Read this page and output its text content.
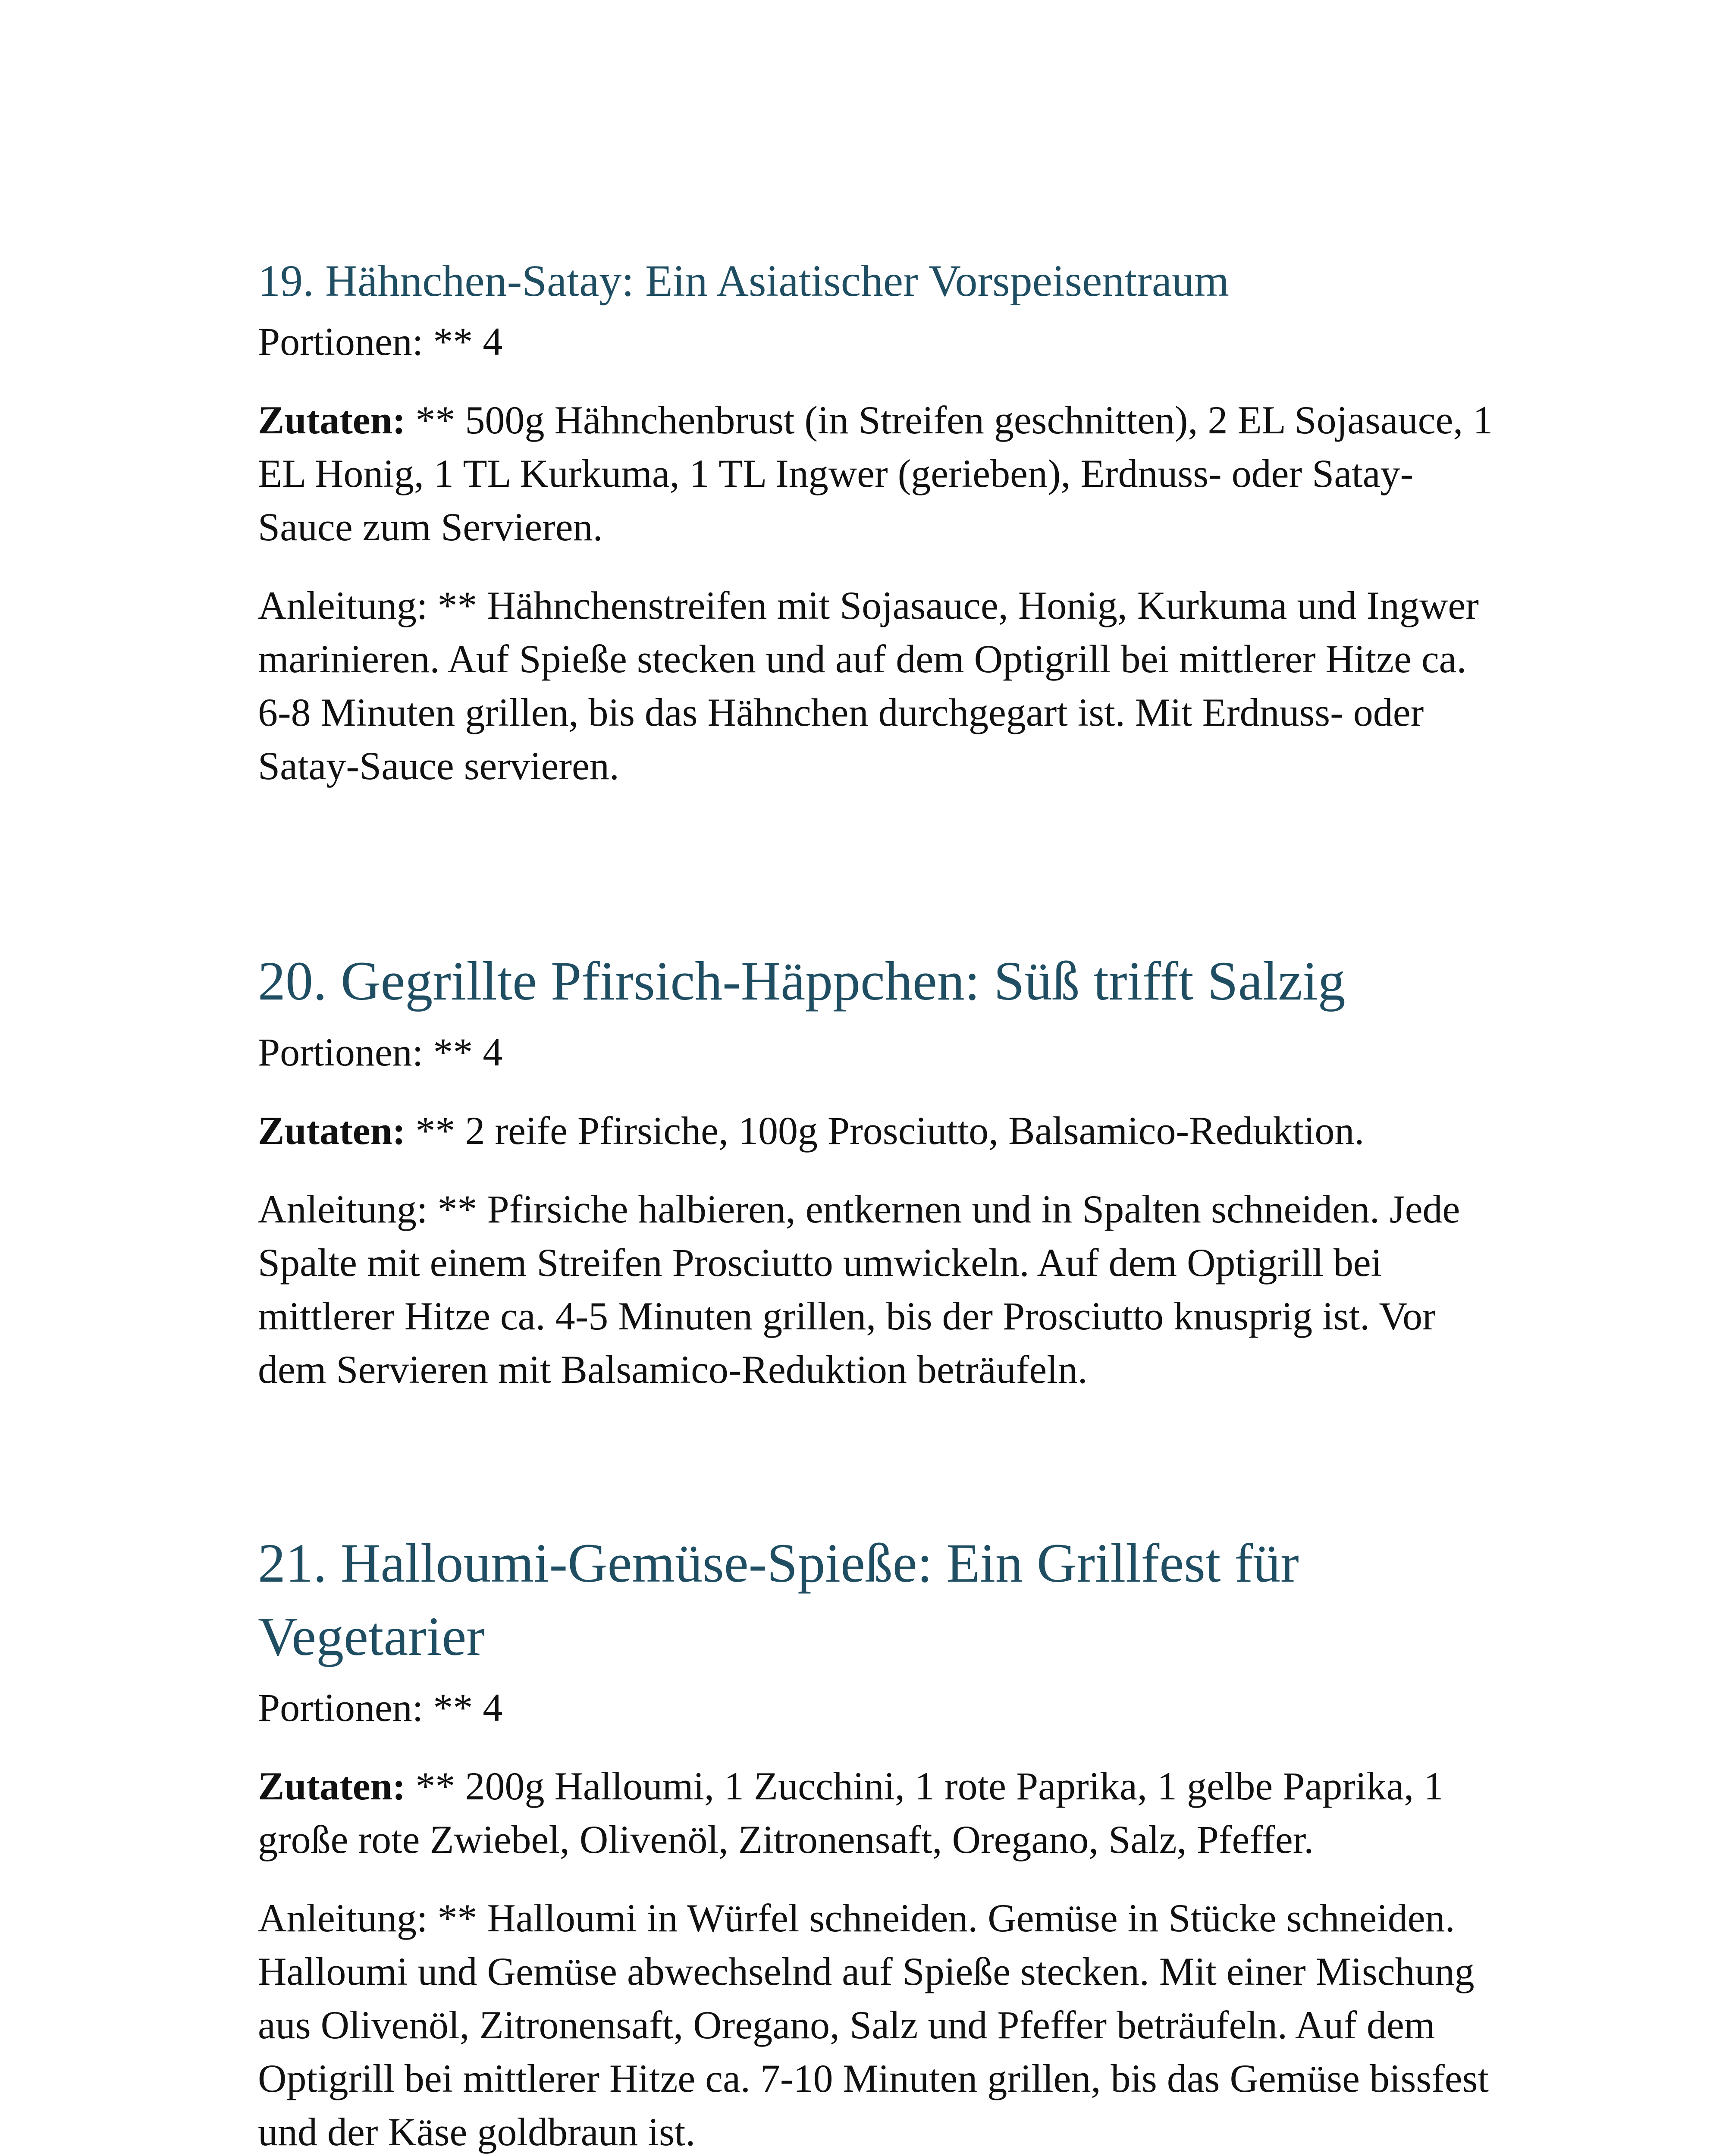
19. Hähnchen-Satay: Ein Asiatischer Vorspeisentraum

Portionen: ** 4

Zutaten: ** 500g Hähnchenbrust (in Streifen geschnitten), 2 EL Sojasauce, 1 EL Honig, 1 TL Kurkuma, 1 TL Ingwer (gerieben), Erdnuss- oder Satay-Sauce zum Servieren.

Anleitung: ** Hähnchenstreifen mit Sojasauce, Honig, Kurkuma und Ingwer marinieren. Auf Spieße stecken und auf dem Optigrill bei mittlerer Hitze ca. 6-8 Minuten grillen, bis das Hähnchen durchgegart ist. Mit Erdnuss- oder Satay-Sauce servieren.

20. Gegrillte Pfirsich-Häppchen: Süß trifft Salzig

Portionen: ** 4

Zutaten: ** 2 reife Pfirsiche, 100g Prosciutto, Balsamico-Reduktion.

Anleitung: ** Pfirsiche halbieren, entkernen und in Spalten schneiden. Jede Spalte mit einem Streifen Prosciutto umwickeln. Auf dem Optigrill bei mittlerer Hitze ca. 4-5 Minuten grillen, bis der Prosciutto knusprig ist. Vor dem Servieren mit Balsamico-Reduktion beträufeln.

21. Halloumi-Gemüse-Spieße: Ein Grillfest für Vegetarier

Portionen: ** 4

Zutaten: ** 200g Halloumi, 1 Zucchini, 1 rote Paprika, 1 gelbe Paprika, 1 große rote Zwiebel, Olivenöl, Zitronensaft, Oregano, Salz, Pfeffer.

Anleitung: ** Halloumi in Würfel schneiden. Gemüse in Stücke schneiden. Halloumi und Gemüse abwechselnd auf Spieße stecken. Mit einer Mischung aus Olivenöl, Zitronensaft, Oregano, Salz und Pfeffer beträufeln. Auf dem Optigrill bei mittlerer Hitze ca. 7-10 Minuten grillen, bis das Gemüse bissfest und der Käse goldbraun ist.
